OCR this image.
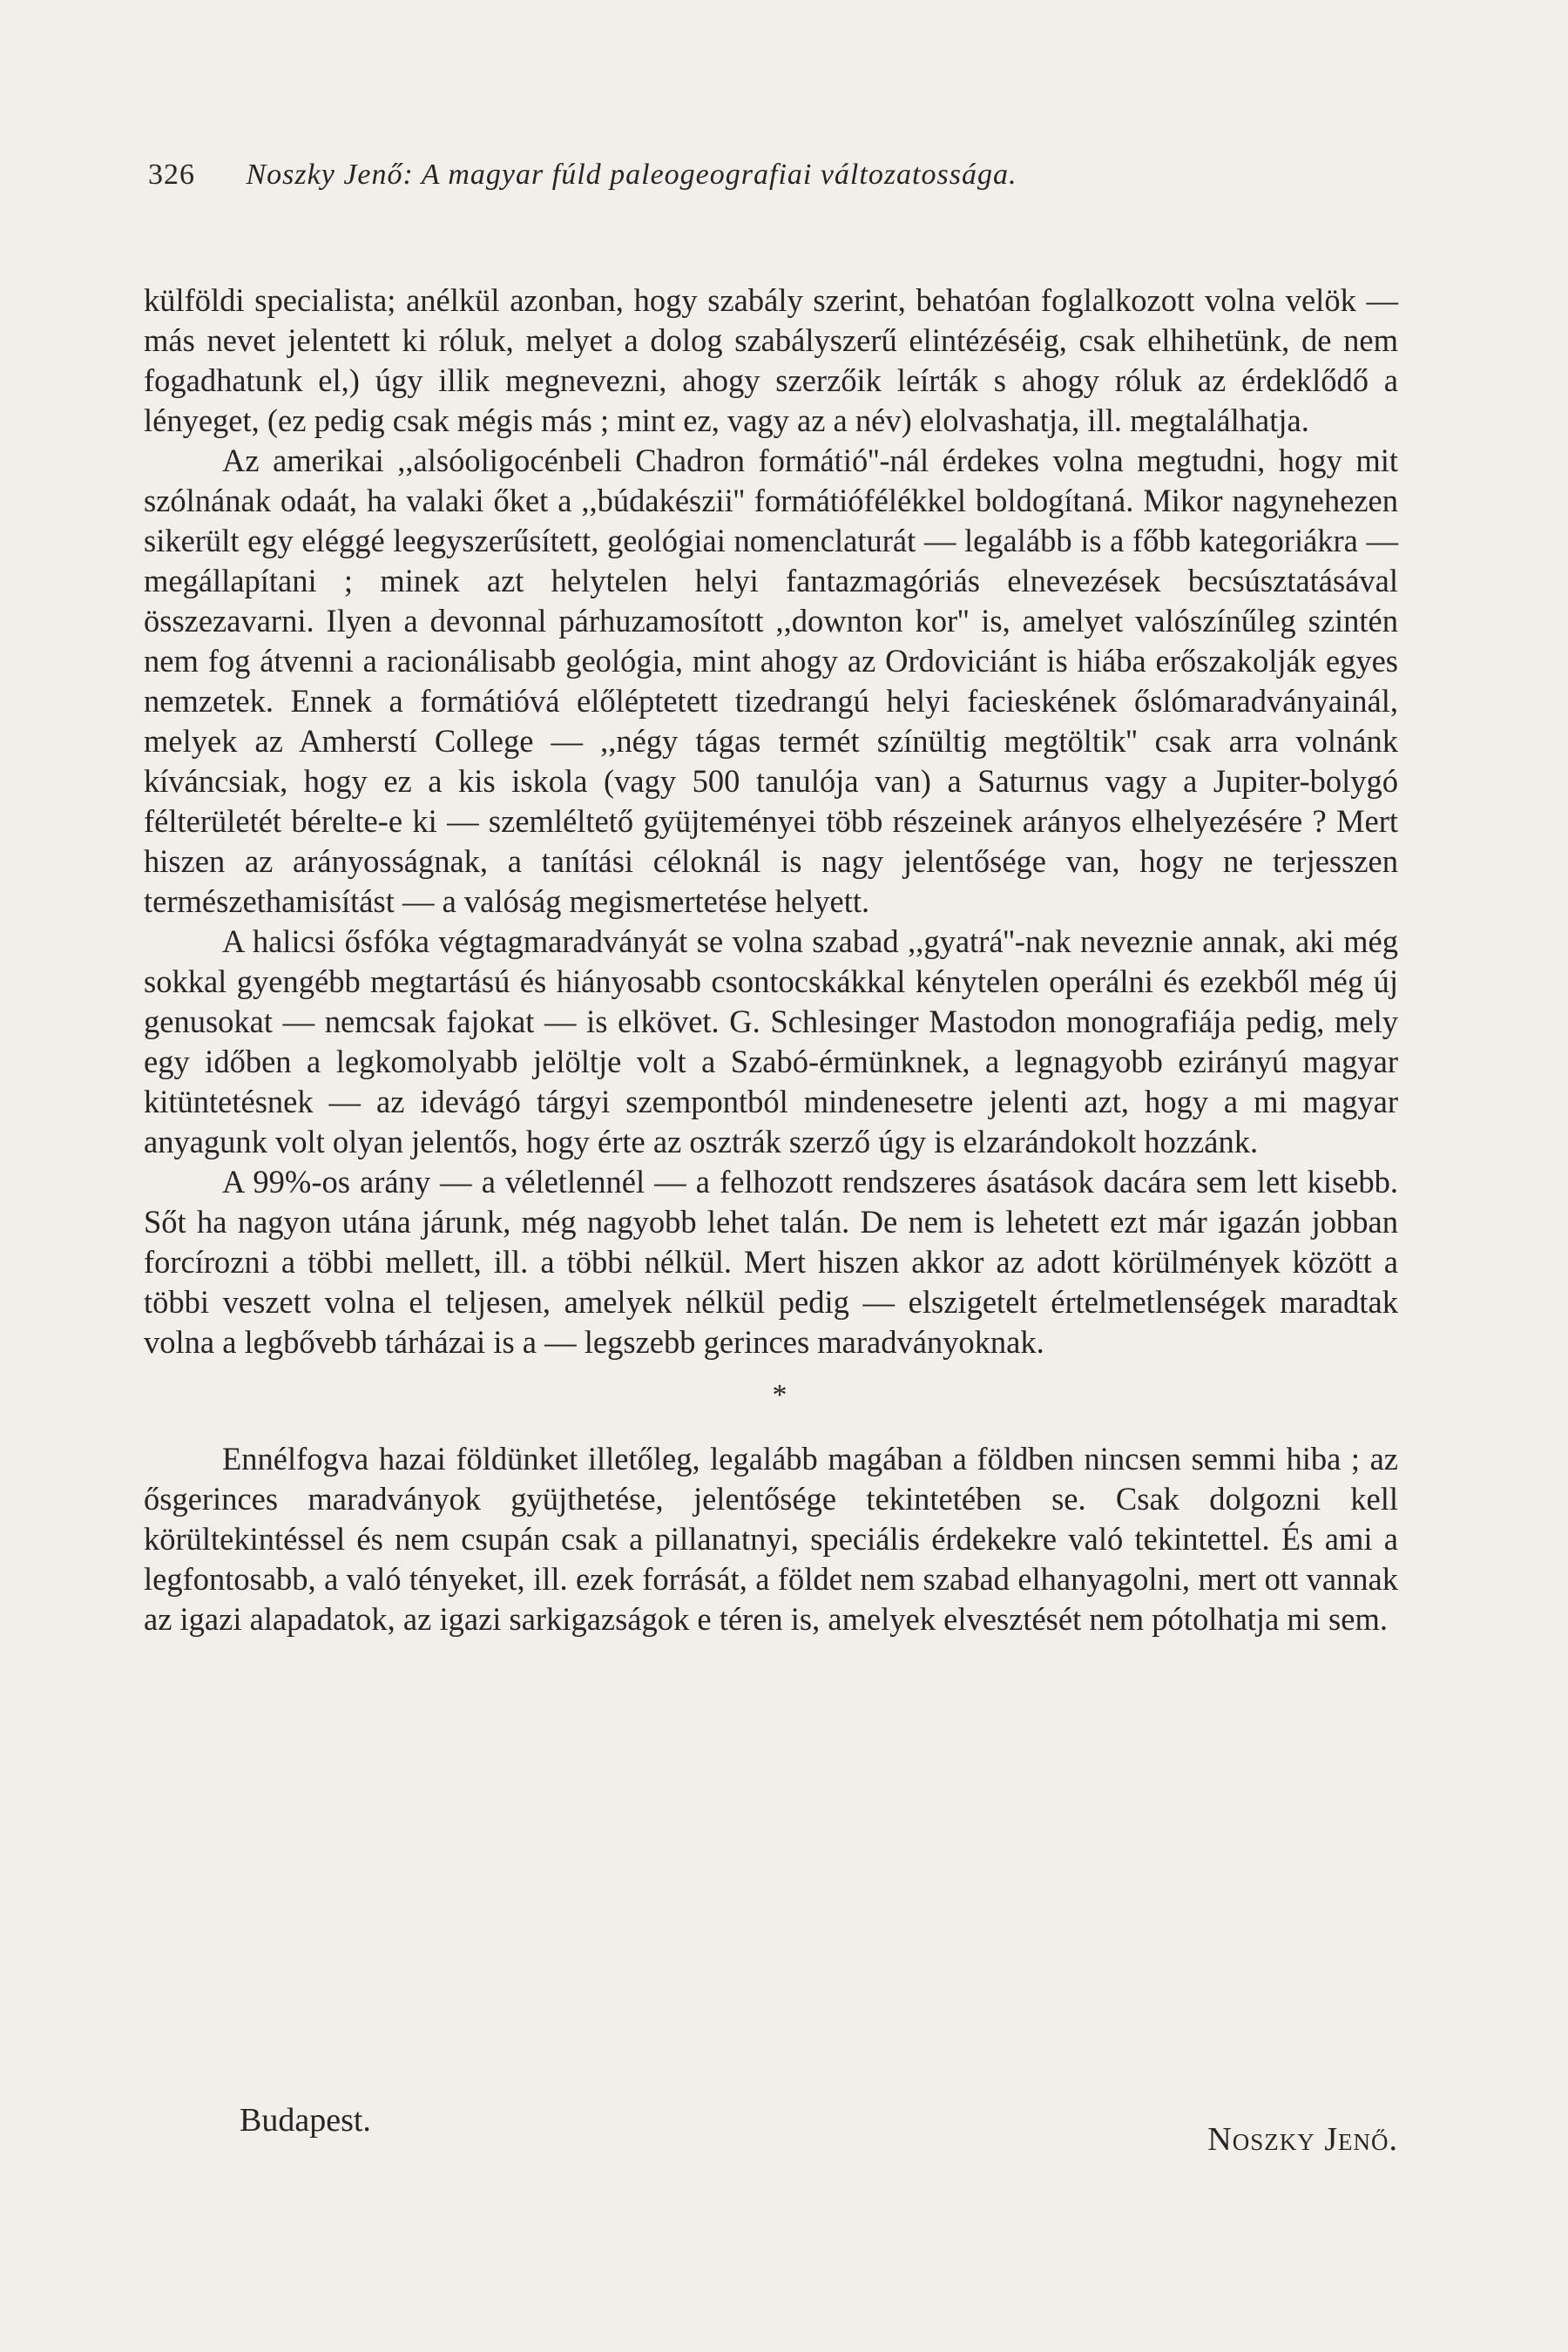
326 Noszky Jenő: A magyar fúld paleogeografiai változatossága.

külföldi specialista; anélkül azonban, hogy szabály szerint, behatóan foglalkozott volna velök — más nevet jelentett ki róluk, melyet a dolog szabályszerű elintézéséig, csak elhihetünk, de nem fogadhatunk el,) úgy illik megnevezni, ahogy szerzőik leírták s ahogy róluk az érdeklődő a lényeget, (ez pedig csak mégis más ; mint ez, vagy az a név) elolvashatja, ill. megtalálhatja.

Az amerikai ,,alsóoligocénbeli Chadron formátió''-nál érdekes volna megtudni, hogy mit szólnának odaát, ha valaki őket a ,,búdakészii'' formátiófélékkel boldogítaná. Mikor nagynehezen sikerült egy eléggé leegyszerűsített, geológiai nomenclaturát — legalább is a főbb kategoriákra — megállapítani ; minek azt helytelen helyi fantazmagóriás elnevezések becsúsztatásával összezavarni. Ilyen a devonnal párhuzamosított ,,downton kor'' is, amelyet valószínűleg szintén nem fog átvenni a racionálisabb geológia, mint ahogy az Ordoviciánt is hiába erőszakolják egyes nemzetek. Ennek a formátióvá előléptetett tizedrangú helyi facieskének őslómaradványainál, melyek az Amherstí College — ,,négy tágas termét színültig megtöltik'' csak arra volnánk kíváncsiak, hogy ez a kis iskola (vagy 500 tanulója van) a Saturnus vagy a Jupiter-bolygó félterületét bérelte-e ki — szemléltető gyüjteményei több részeinek arányos elhelyezésére ? Mert hiszen az arányosságnak, a tanítási céloknál is nagy jelentősége van, hogy ne terjesszen természethamisítást — a valóság megismertetése helyett.

A halicsi ősfóka végtagmaradványát se volna szabad ,,gyatrá''-nak neveznie annak, aki még sokkal gyengébb megtartású és hiányosabb csontocskákkal kénytelen operálni és ezekből még új genusokat — nemcsak fajokat — is elkövet. G. Schlesinger Mastodon monografiája pedig, mely egy időben a legkomolyabb jelöltje volt a Szabó-érmünknek, a legnagyobb ezirányú magyar kitüntetésnek — az idevágó tárgyi szempontból mindenesetre jelenti azt, hogy a mi magyar anyagunk volt olyan jelentős, hogy érte az osztrák szerző úgy is elzarándokolt hozzánk.

A 99%-os arány — a véletlennél — a felhozott rendszeres ásatások dacára sem lett kisebb. Sőt ha nagyon utána járunk, még nagyobb lehet talán. De nem is lehetett ezt már igazán jobban forcírozni a többi mellett, ill. a többi nélkül. Mert hiszen akkor az adott körülmények között a többi veszett volna el teljesen, amelyek nélkül pedig — elszigetelt értelmetlenségek maradtak volna a legbővebb tárházai is a — legszebb gerinces maradványoknak.

*

Ennélfogva hazai földünket illetőleg, legalább magában a földben nincsen semmi hiba ; az ősgerinces maradványok gyüjthetése, jelentősége tekintetében se. Csak dolgozni kell körültekintéssel és nem csupán csak a pillanatnyi, speciális érdekekre való tekintettel. És ami a legfontosabb, a való tényeket, ill. ezek forrását, a földet nem szabad elhanyagolni, mert ott vannak az igazi alapadatok, az igazi sarkigazságok e téren is, amelyek elvesztését nem pótolhatja mi sem.

Budapest.
Noszky Jenő.
